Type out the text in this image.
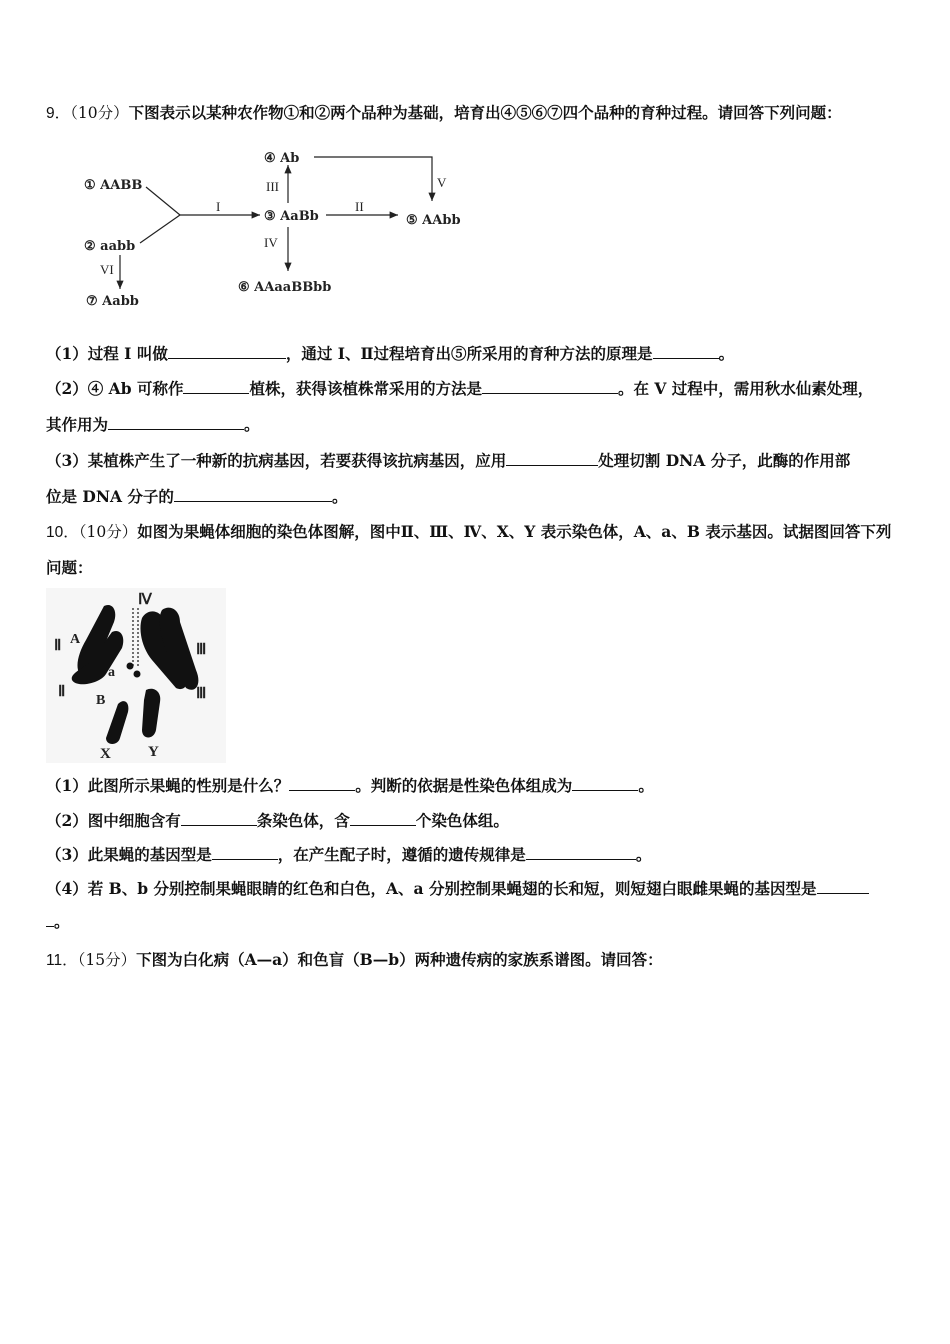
9．（10分）下图表示以某种农作物①和②两个品种为基础，培育出④⑤⑥⑦四个品种的育种过程。请回答下列问题：
① AABB
② aabb
③ AaBb
④ Ab
⑤ AAbb
⑥ AAaaBBbb
⑦ Aabb
I	II
III
IV
V
VI
（1）过程 I 叫做	，通过 I、Ⅱ过程培育出⑤所采用的育种方法的原理是	。
（2）④ Ab 可称作	植株，获得该植株常采用的方法是	。在 V 过程中，需用秋水仙素处理，
其作用为	。
（3）某植株产生了一种新的抗病基因，若要获得该抗病基因，应用	处理切割 DNA 分子，此酶的作用部
位是 DNA 分子的	。
10．（10分）如图为果蝇体细胞的染色体图解，图中Ⅱ、Ⅲ、Ⅳ、X、Y 表示染色体，A、a、B 表示基因。试据图回答下列
问题：
Ⅱ
Ⅱ
Ⅲ
Ⅲ
Ⅳ
A
a
B
X Y
（1）此图所示果蝇的性别是什么？	。判断的依据是性染色体组成为	。
（2）图中细胞含有	条染色体，含	个染色体组。
（3）此果蝇的基因型是	，在产生配子时，遵循的遗传规律是	。
（4）若 B、b 分别控制果蝇眼睛的红色和白色，A、a 分别控制果蝇翅的长和短，则短翅白眼雌果蝇的基因型是
。
11．（15分）下图为白化病（A—a）和色盲（B—b）两种遗传病的家族系谱图。请回答：
